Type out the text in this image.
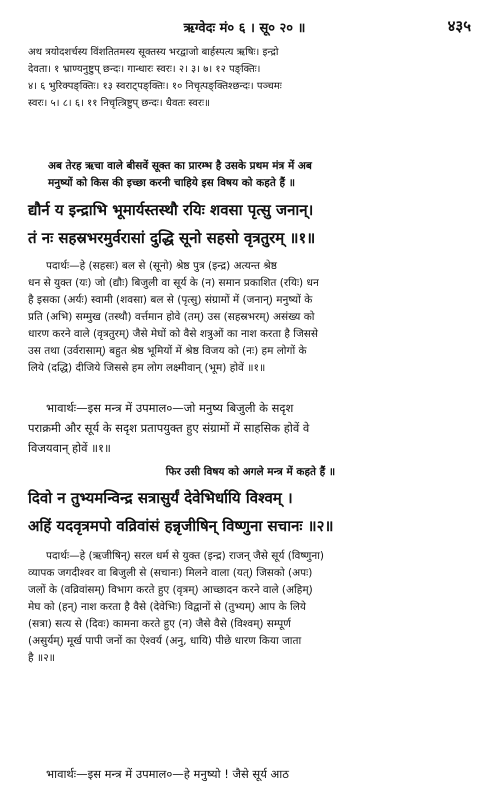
ऋग्वेदः मं० ६ । सू० २० ॥	४३५

अथ त्रयोदशर्चस्य विंशतितमस्य सूक्तस्य भरद्वाजो बार्हस्पत्य ऋषिः। इन्द्रो

देवता। १ भ्राण्यनुष्टुप् छन्दः। गान्धारः स्वरः। २। ३। ७। १२ पङ्क्तिः।

४। ६ भुरिक्पङ्क्तिः। १३ स्वराट्पङ्क्तिः। १० निचृत्पङ्क्तिश्छन्दः। पञ्चमः

स्वरः। ५। ८। ६। ११ निचृत्त्रिष्टुप् छन्दः। धैवतः स्वरः॥

अब तेरह ऋचा वाले बीसवें सूक्त का प्रारम्भ है उसके प्रथम मंत्र में अब

मनुष्यों को किस की इच्छा करनी चाहिये इस विषय को कहते हैं ॥

द्यौर्न य इन्द्राभि भूमार्यस्तस्थौ रयिः शवसा पृत्सु जनान्।

तं नः सहस्रभरमुर्वरासां दुद्धि सूनो सहसो वृत्रतुरम् ॥१॥

पदार्थः—हे (सहसः) बल से (सूनो) श्रेष्ठ पुत्र (इन्द्र) अत्यन्त श्रेष्ठ

धन से युक्त (यः) जो (द्यौः) बिजुली वा सूर्य के (न) समान प्रकाशित (रयिः) धन

है इसका (अर्यः) स्वामी (शवसा) बल से (पृत्सु) संग्रामों में (जनान्) मनुष्यों के

प्रति (अभि) सम्मुख (तस्थौ) वर्त्तमान होवे (तम्) उस (सहस्रभरम्) असंख्य को

धारण करने वाले (वृत्रतुरम्) जैसे मेघों को वैसे शत्रुओं का नाश करता है जिससे

उस तथा (उर्वरासाम्) बहुत श्रेष्ठ भूमियों में श्रेष्ठ विजय को (नः) हम लोगों के

लिये (दद्धि) दीजिये जिससे हम लोग लक्ष्मीवान् (भूम) होवें ॥१॥

भावार्थः—इस मन्त्र में उपमाल०—जो मनुष्य बिजुली के सदृश

पराक्रमी और सूर्य के सदृश प्रतापयुक्त हुए संग्रामों में साहसिक होवें वे

विजयवान् होवें ॥१॥

फिर उसी विषय को अगले मन्त्र में कहते हैं ॥

दिवो न तुभ्यमन्विन्द्र सत्रासुर्यं देवेभिर्धायि विश्वम् ।

अहिं यदवृत्रमपो वव्रिवांसं हन्नृजीषिन् विष्णुना सचानः ॥२॥

पदार्थः—हे (ऋजीषिन्) सरल धर्म से युक्त (इन्द्र) राजन् जैसे सूर्य (विष्णुना)

व्यापक जगदीश्वर वा बिजुली से (सचानः) मिलने वाला (यत्) जिसको (अपः)

जलों के (वव्रिवांसम्) विभाग करते हुए (वृत्रम्) आच्छादन करने वाले (अहिम्)

मेघ को (हन्) नाश करता है वैसे (देवेभिः) विद्वानों से (तुभ्यम्) आप के लिये

(सत्रा) सत्य से (दिवः) कामना करते हुए (न) जैसे वैसे (विश्वम्) सम्पूर्ण

(असुर्यम्) मूर्ख पापी जनों का ऐश्वर्य (अनु, धायि) पीछे धारण किया जाता

है ॥२॥

भावार्थः—इस मन्त्र में उपमाल०—हे मनुष्यो ! जैसे सूर्य आठ
